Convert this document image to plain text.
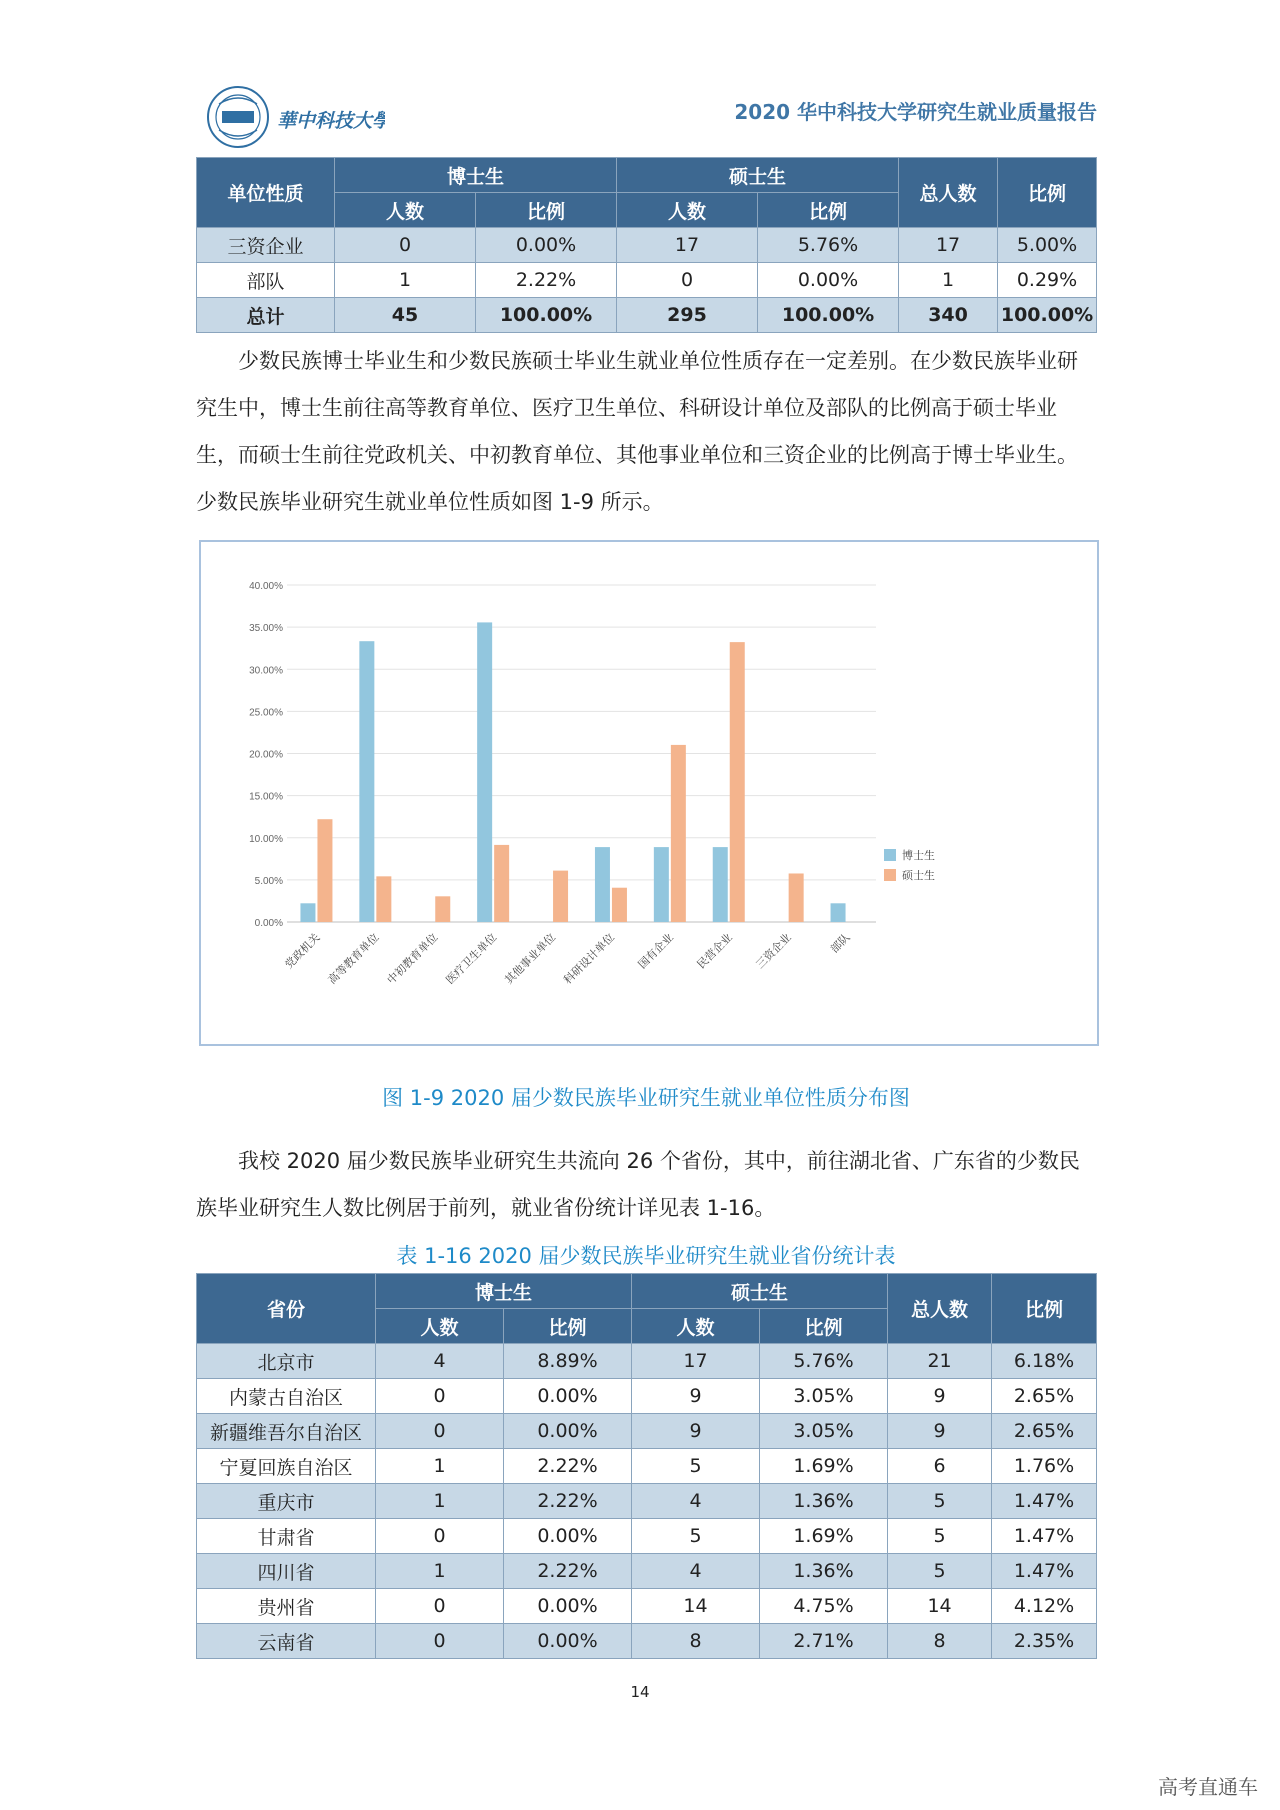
華中科技大學	2020 华中科技大学研究生就业质量报告
单位性质	博士生		硕士生		总人数	比例
	人数	比例	人数	比例		
三资企业	0	0.00%	17	5.76%	17	5.00%
部队	1	2.22%	0	0.00%	1	0.29%
总计	45	100.00%	295	100.00%	340	100.00%

少数民族博士毕业生和少数民族硕士毕业生就业单位性质存在一定差别。在少数民族毕业研究生中，博士生前往高等教育单位、医疗卫生单位、科研设计单位及部队的比例高于硕士毕业生，而硕士生前往党政机关、中初教育单位、其他事业单位和三资企业的比例高于博士毕业生。少数民族毕业研究生就业单位性质如图 1-9 所示。

0.00%
5.00%
10.00%
15.00%
20.00%
25.00%
30.00%
35.00%
40.00%
党政机关 高等教育单位 中初教育单位 医疗卫生单位 其他事业单位 科研设计单位 国有企业 民营企业 三资企业	部队
博士生
硕士生
图 1-9 2020 届少数民族毕业研究生就业单位性质分布图

我校 2020 届少数民族毕业研究生共流向 26 个省份，其中，前往湖北省、广东省的少数民族毕业研究生人数比例居于前列，就业省份统计详见表 1-16。

表 1-16 2020 届少数民族毕业研究生就业省份统计表
省份	博士生		硕士生		总人数	比例
	人数	比例	人数	比例		
北京市	4	8.89%	17	5.76%	21	6.18%
内蒙古自治区	0	0.00%	9	3.05%	9	2.65%
新疆维吾尔自治区	0	0.00%	9	3.05%	9	2.65%
宁夏回族自治区	1	2.22%	5	1.69%	6	1.76%
重庆市	1	2.22%	4	1.36%	5	1.47%
甘肃省	0	0.00%	5	1.69%	5	1.47%
四川省	1	2.22%	4	1.36%	5	1.47%
贵州省	0	0.00%	14	4.75%	14	4.12%
云南省	0	0.00%	8	2.71%	8	2.35%
14
高考直通车
